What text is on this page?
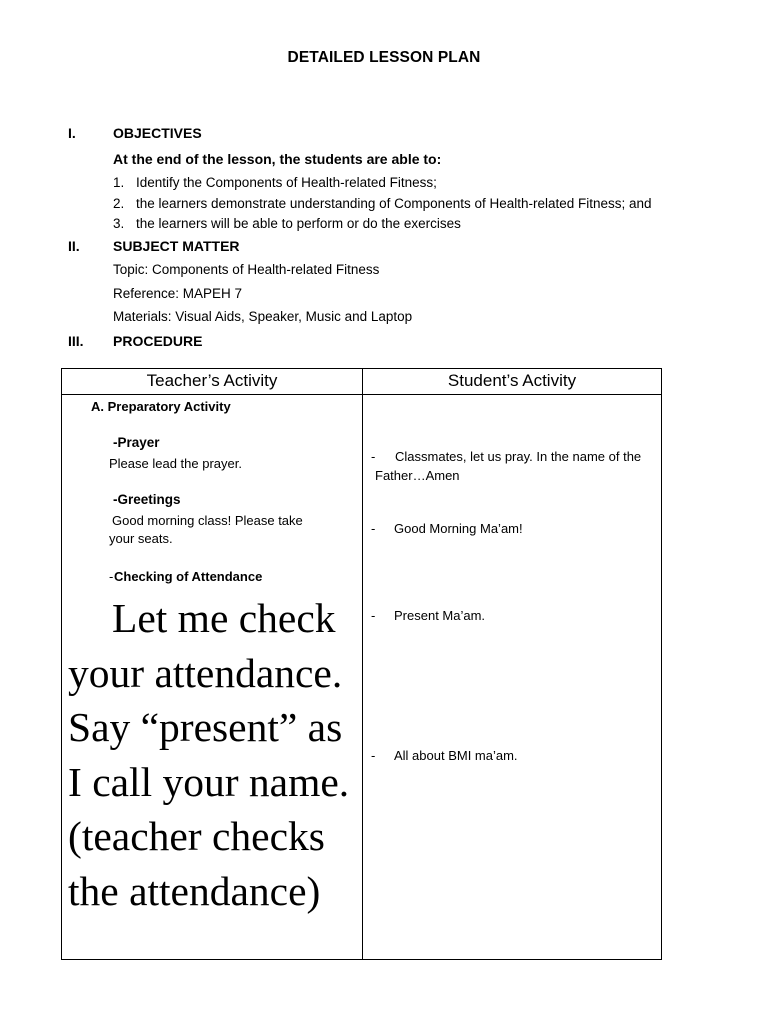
DETAILED LESSON PLAN
I.	OBJECTIVES
At the end of the lesson, the students are able to:
1. Identify the Components of Health-related Fitness;
2. the learners demonstrate understanding of Components of Health-related Fitness; and
3. the learners will be able to perform or do the exercises
II. SUBJECT MATTER
Topic: Components of Health-related Fitness
Reference: MAPEH 7
Materials: Visual Aids, Speaker, Music and Laptop
III. PROCEDURE
Teacher’s Activity	Student’s Activity
A. Preparatory Activity
-Prayer
Please lead the prayer.
-Greetings
Good morning class! Please take
your seats.
- Checking of Attendance
Let me check your attendance. Say “present” as I call your name. (teacher checks the attendance)
- Classmates, let us pray. In the name of the
Father…Amen
- Good Morning Ma’am!
- Present Ma’am.
- All about BMI ma’am.
